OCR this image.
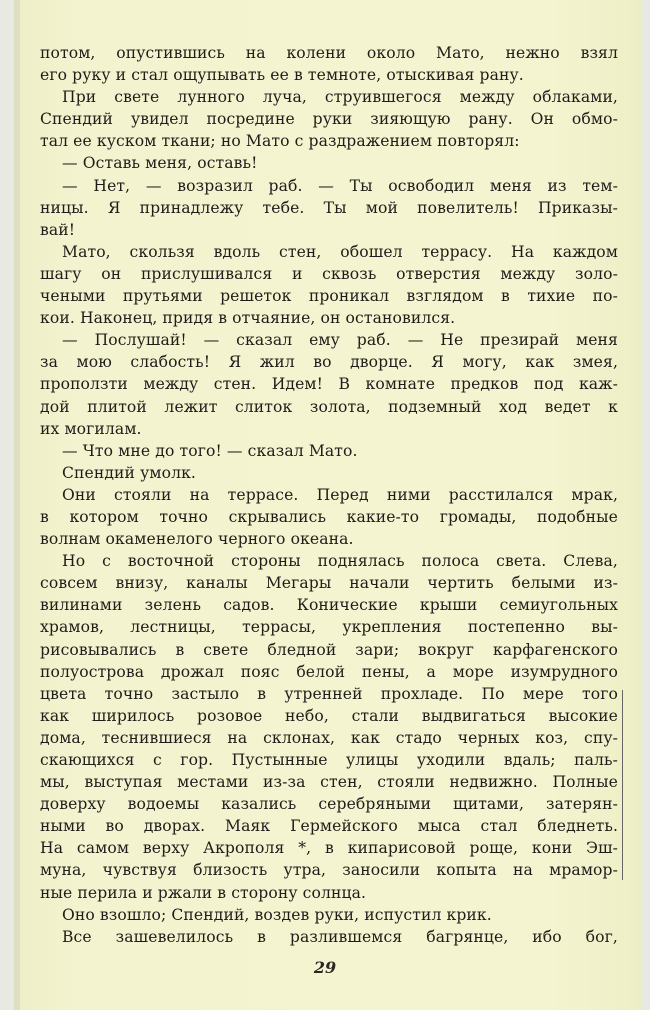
потом, опустившись на колени около Мато, нежно взял
его руку и стал ощупывать ее в темноте, отыскивая рану.
При свете лунного луча, струившегося между облаками,
Спендий увидел посредине руки зияющую рану. Он обмо-
тал ее куском ткани; но Мато с раздражением повторял:
— Оставь меня, оставь!
— Нет, — возразил раб. — Ты освободил меня из тем-
ницы. Я принадлежу тебе. Ты мой повелитель! Приказы-
вай!
Мато, скользя вдоль стен, обошел террасу. На каждом
шагу он прислушивался и сквозь отверстия между золо-
чеными прутьями решеток проникал взглядом в тихие по-
кои. Наконец, придя в отчаяние, он остановился.
— Послушай! — сказал ему раб. — Не презирай меня
за мою слабость! Я жил во дворце. Я могу, как змея,
проползти между стен. Идем! В комнате предков под каж-
дой плитой лежит слиток золота, подземный ход ведет к
их могилам.
— Что мне до того! — сказал Мато.
Спендий умолк.
Они стояли на террасе. Перед ними расстилался мрак,
в котором точно скрывались какие-то громады, подобные
волнам окаменелого черного океана.
Но с восточной стороны поднялась полоса света. Слева,
совсем внизу, каналы Мегары начали чертить белыми из-
вилинами зелень садов. Конические крыши семиугольных
храмов, лестницы, террасы, укрепления постепенно вы-
рисовывались в свете бледной зари; вокруг карфагенского
полуострова дрожал пояс белой пены, а море изумрудного
цвета точно застыло в утренней прохладе. По мере того
как ширилось розовое небо, стали выдвигаться высокие
дома, теснившиеся на склонах, как стадо черных коз, спу-
скающихся с гор. Пустынные улицы уходили вдаль; паль-
мы, выступая местами из-за стен, стояли недвижно. Полные
доверху водоемы казались серебряными щитами, затерян-
ными во дворах. Маяк Гермейского мыса стал бледнеть.
На самом верху Акрополя *, в кипарисовой роще, кони Эш-
муна, чувствуя близость утра, заносили копыта на мрамор-
ные перила и ржали в сторону солнца.
Оно взошло; Спендий, воздев руки, испустил крик.
Все зашевелилось в разлившемся багрянце, ибо бог,
29
